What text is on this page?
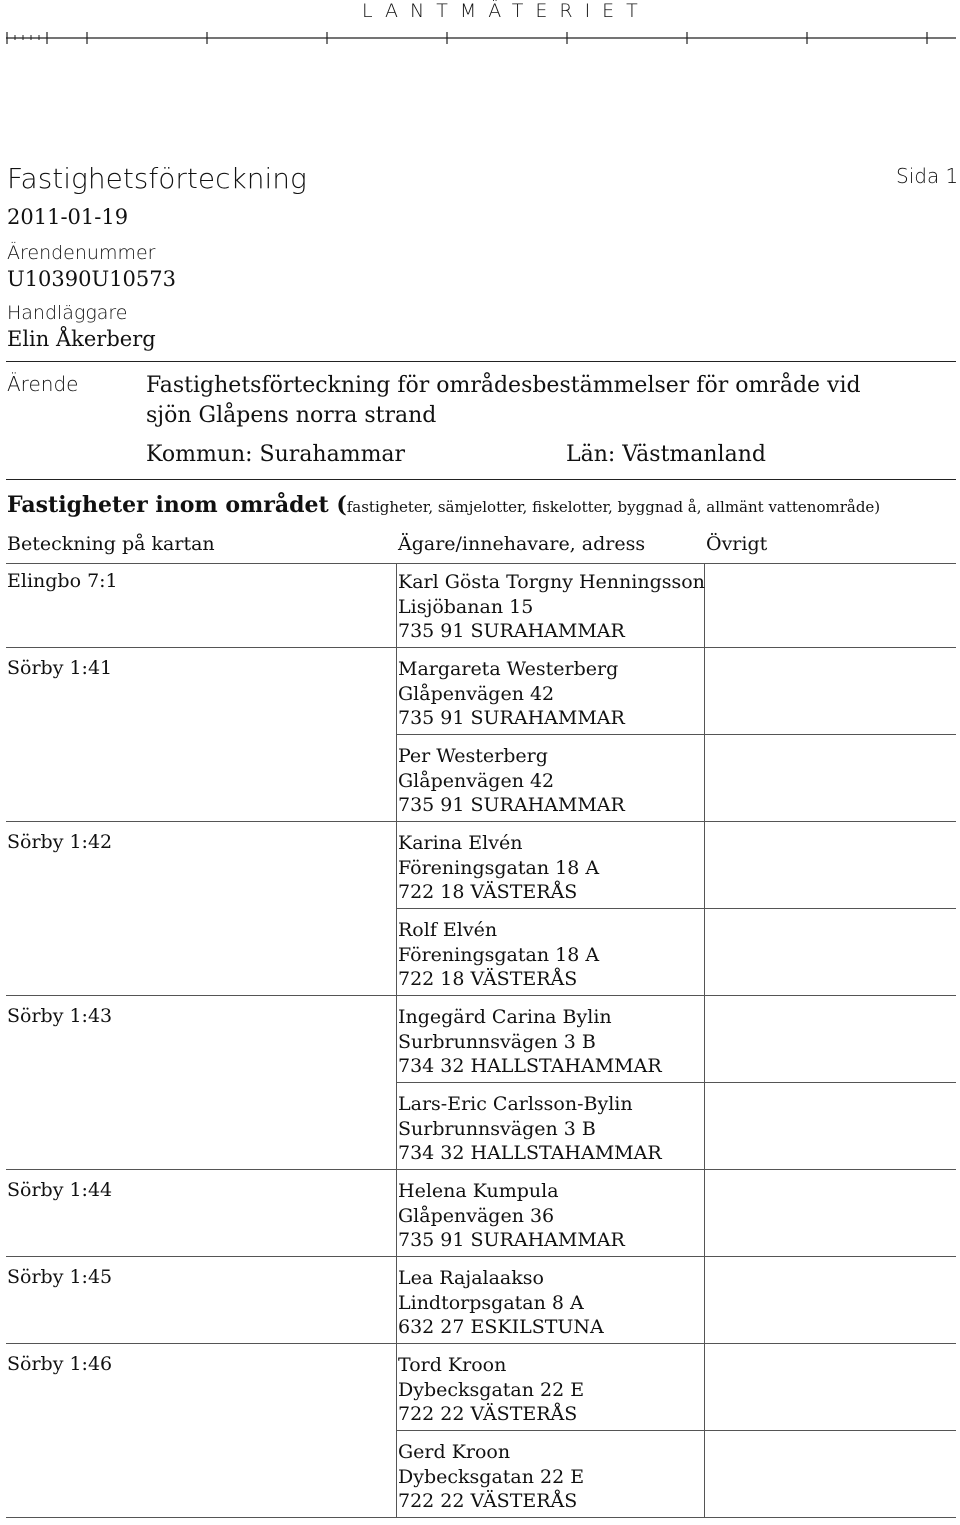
LANTMÄTERIET
Fastighetsförteckning	Sida 1
2011-01-19
Ärendenummer
U10390U10573
Handläggare
Elin Åkerberg
Ärende	Fastighetsförteckning för områdesbestämmelser för område vid sjön Glåpens norra strand
Kommun: Surahammar	Län: Västmanland
Fastigheter inom området (fastigheter, sämjelotter, fiskelotter, byggnad å, allmänt vattenområde)
Beteckning på kartan	Ägare/innehavare, adress	Övrigt
Elingbo 7:1	Karl Gösta Torgny Henningsson
Lisjöbanan 15
735 91 SURAHAMMAR
Sörby 1:41	Margareta Westerberg
Glåpenvägen 42
735 91 SURAHAMMAR
Per Westerberg
Glåpenvägen 42
735 91 SURAHAMMAR
Sörby 1:42	Karina Elvén
Föreningsgatan 18 A
722 18 VÄSTERÅS
Rolf Elvén
Föreningsgatan 18 A
722 18 VÄSTERÅS
Sörby 1:43	Ingegärd Carina Bylin
Surbrunnsvägen 3 B
734 32 HALLSTAHAMMAR
Lars-Eric Carlsson-Bylin
Surbrunnsvägen 3 B
734 32 HALLSTAHAMMAR
Sörby 1:44	Helena Kumpula
Glåpenvägen 36
735 91 SURAHAMMAR
Sörby 1:45	Lea Rajalaakso
Lindtorpsgatan 8 A
632 27 ESKILSTUNA
Sörby 1:46	Tord Kroon
Dybecksgatan 22 E
722 22 VÄSTERÅS
Gerd Kroon
Dybecksgatan 22 E
722 22 VÄSTERÅS
